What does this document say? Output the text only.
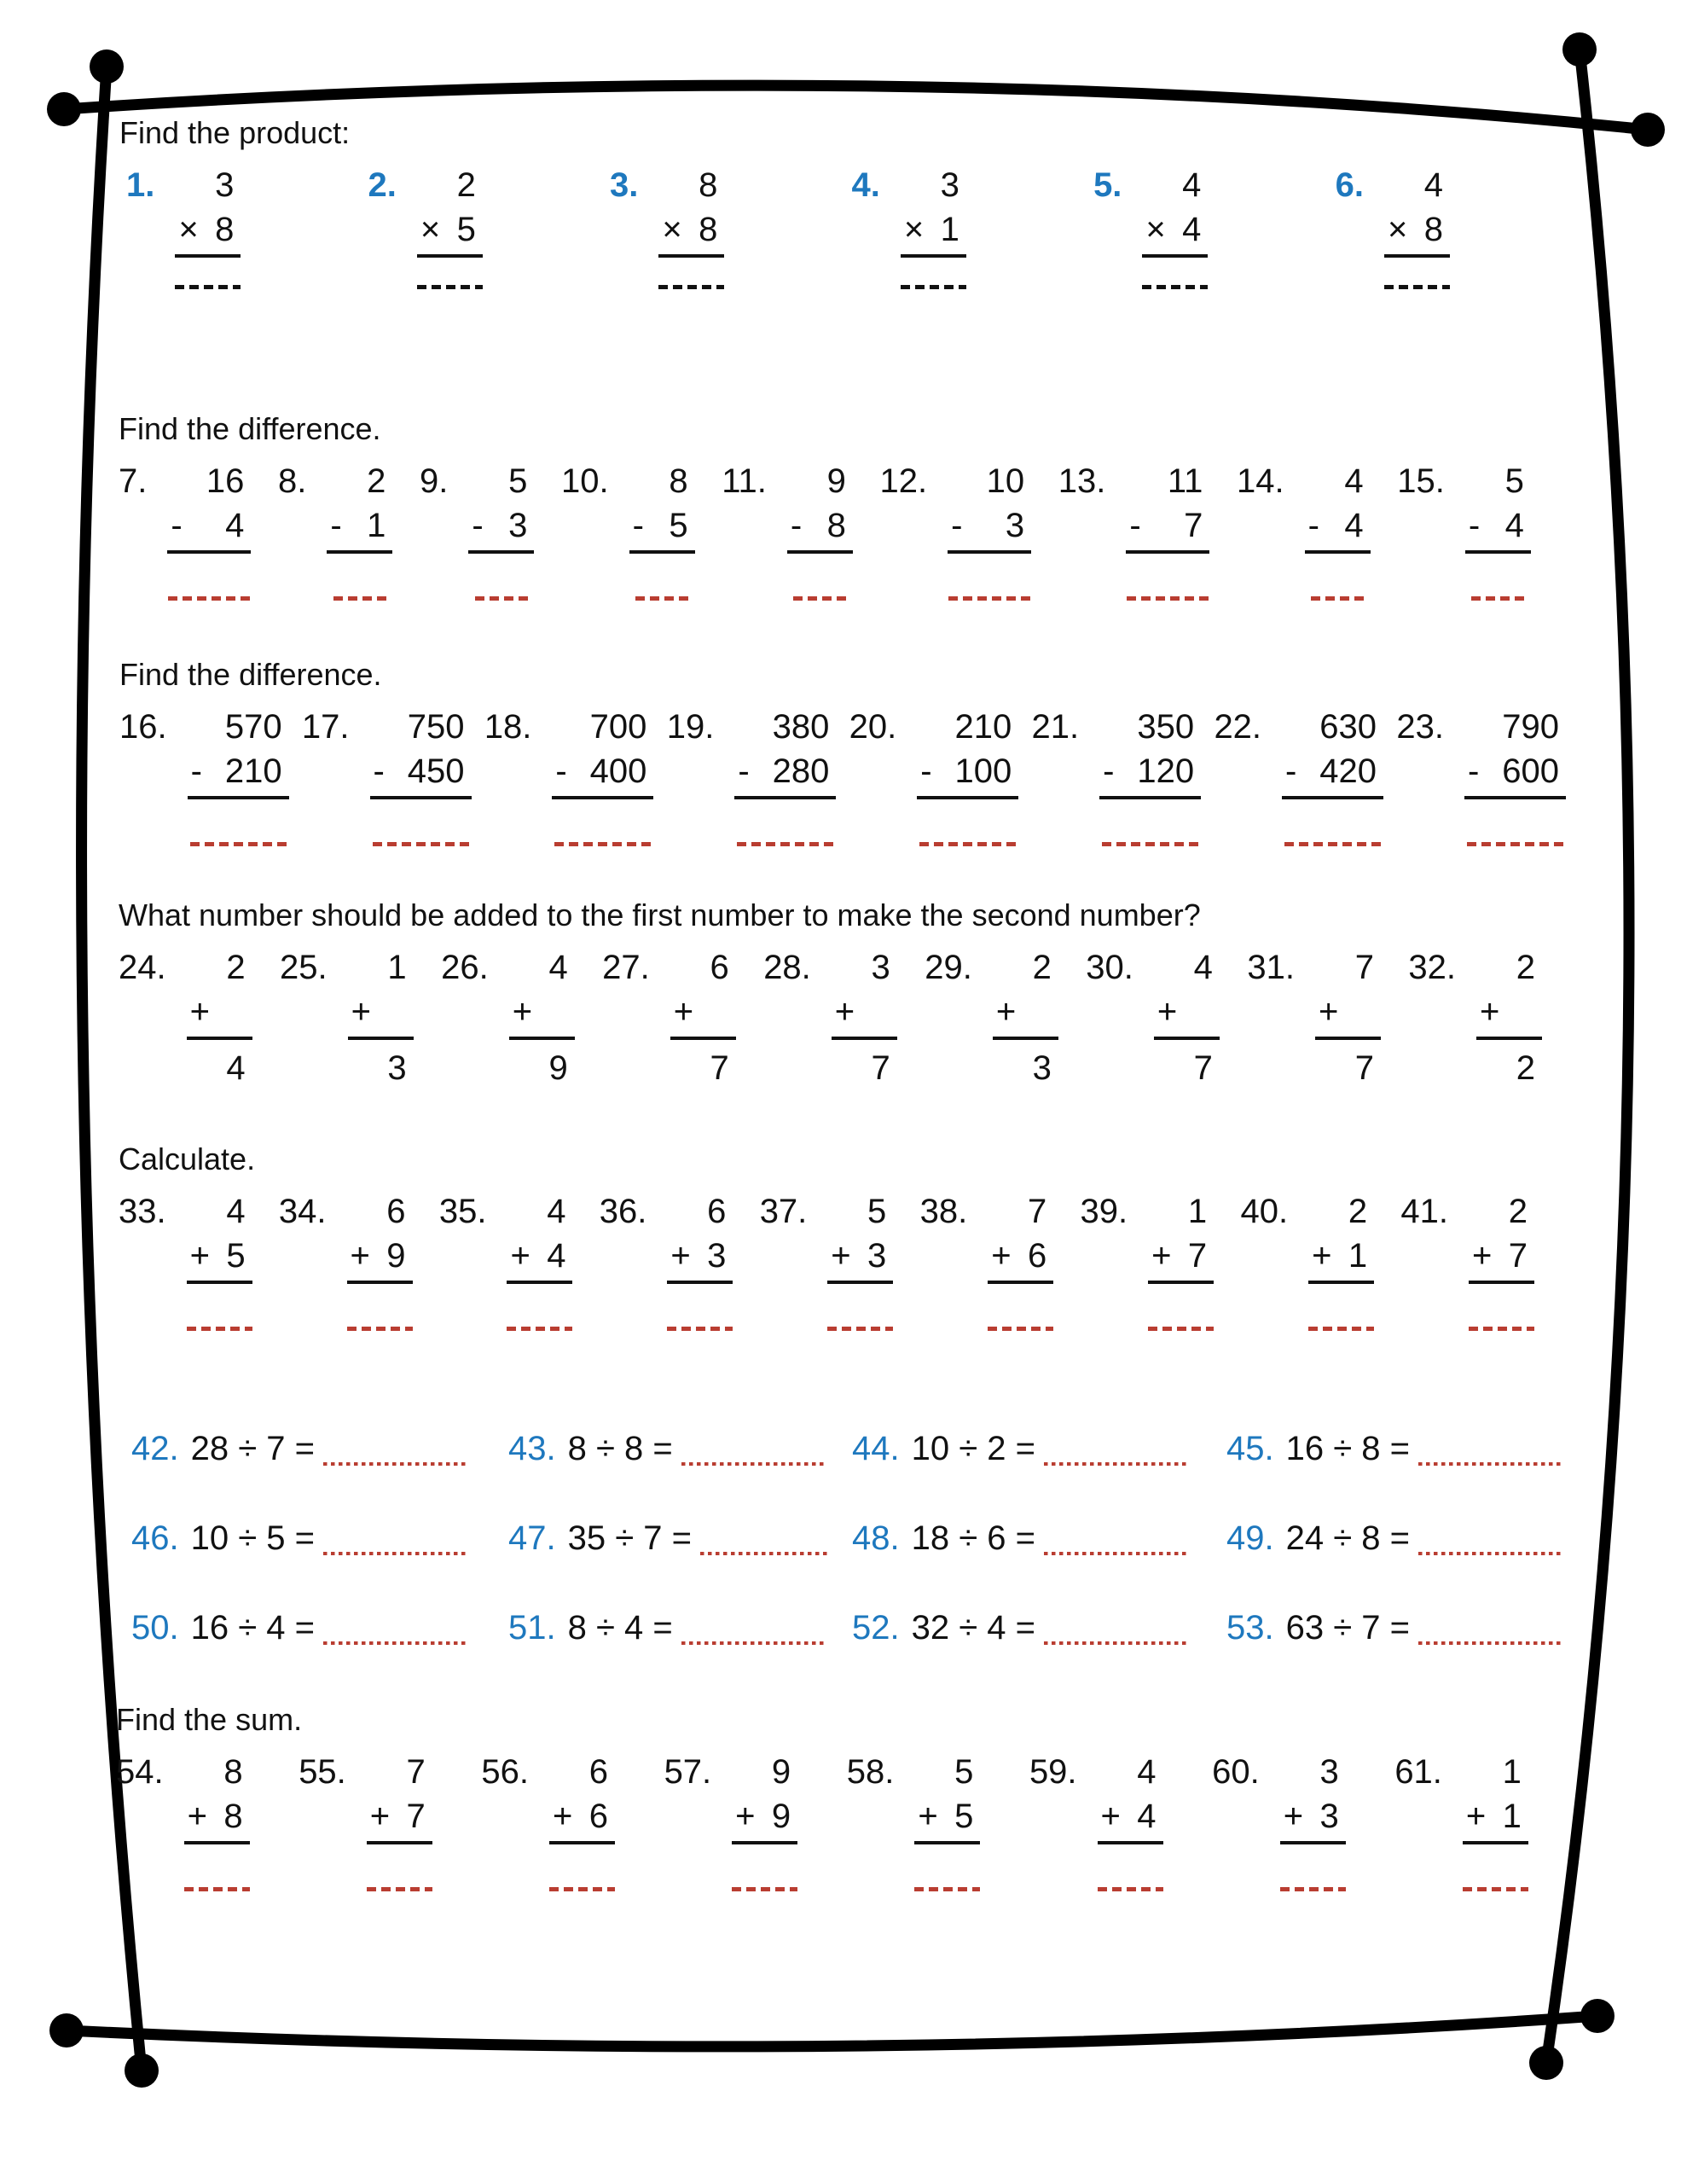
Find the product:
1.	3
× 8
2.	2
× 5
3.	8
× 8
4.	3
× 1
5.	4
× 4
6.	4
× 8
Find the difference.
7.	16
- 4
8.	2
- 1
9.	5
- 3
10.	8
- 5
11.	9
- 8
12.	10
- 3
13.	11
- 7
14.	4
- 4
15.	5
- 4
Find the difference.
16.	570
- 210
17.	750
- 450
18.	700
- 400
19.	380
- 280
20.	210
- 100
21.	350
- 120
22.	630
- 420
23.	790
- 600
What number should be added to the first number to make the second number?
24.	2
+
4
25.	1
+
3
26.	4
+
9
27.	6
+
7
28.	3
+
7
29.	2
+
3
30.	4
+
7
31.	7
+
7
32.	2
+
2
Calculate.
33.	4
+ 5
34.	6
+ 9
35.	4
+ 4
36.	6
+ 3
37.	5
+ 3
38.	7
+ 6
39.	1
+ 7
40.	2
+ 1
41.	2
+ 7
42. 28 ÷ 7 =	43. 8 ÷ 8 =	44. 10 ÷ 2 =	45. 16 ÷ 8 =
46. 10 ÷ 5 =	47. 35 ÷ 7 =	48. 18 ÷ 6 =	49. 24 ÷ 8 =
50. 16 ÷ 4 =	51. 8 ÷ 4 =	52. 32 ÷ 4 =	53. 63 ÷ 7 =
Find the sum.
54.	8
+ 8
55.	7
+ 7
56.	6
+ 6
57.	9
+ 9
58.	5
+ 5
59.	4
+ 4
60.	3
+ 3
61.	1
+ 1
